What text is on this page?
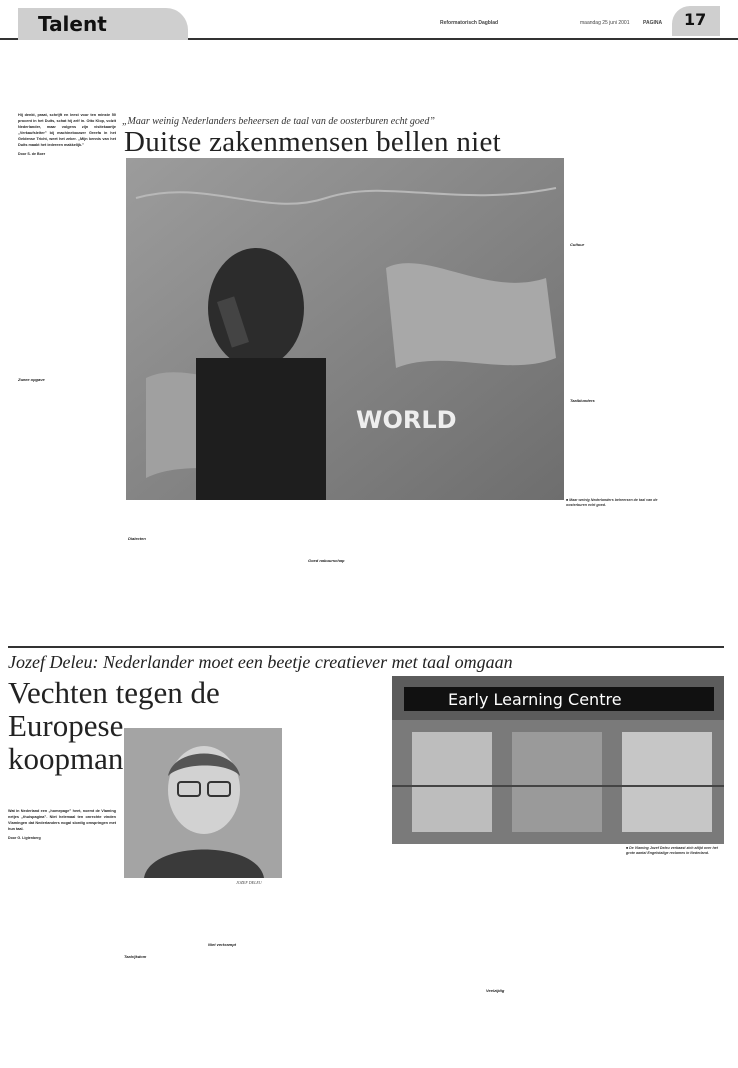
Talent	Reformatorisch Dagblad	maandag 25 juni 2001	PAGINA 17
„Maar weinig Nederlanders beheersen de taal van de oosterburen echt goed”
Duitse zakenmensen bellen niet
Hij denkt, praat, schrijft en leest voor ten minste 50 procent in het Duits, schat hij zelf in. Otto Klop, volzit Nederlander, maar volgens zijn visitekaartje „Verkaufsleiter” bij machinebouwer Greefa in het Geldense Tricht, weet het zeker. „Mijn kennis van het Duits maakt het iedereen makkelijk.”
Door S. de Boer
Zware opgave
WORLD
Dialecten
Goed nabuurschap
■ Maar weinig Nederlanders beheersen de taal van de oosterburen echt goed.
Cultuur
Taalblunders
Jozef Deleu: Nederlander moet een beetje creatiever met taal omgaan
Vechten tegen de Europese koopman
Wat in Nederland een „homepage” heet, noemt de Vlaming netjes „thuispagina”. Niet helemaal ten onrechte vinden Vlamingen dat Nederlanders nogal slordig omspringen met hun taal.
Door G. Ligtenberg
Taalrijkdom
JOZEF DELEU
Niet verkrampt
Early Learning Centre
Veelzijdig
■ De Vlaming Jozef Deleu verbaast zich altijd over het grote aantal Engelstalige reclames in Nederland.
